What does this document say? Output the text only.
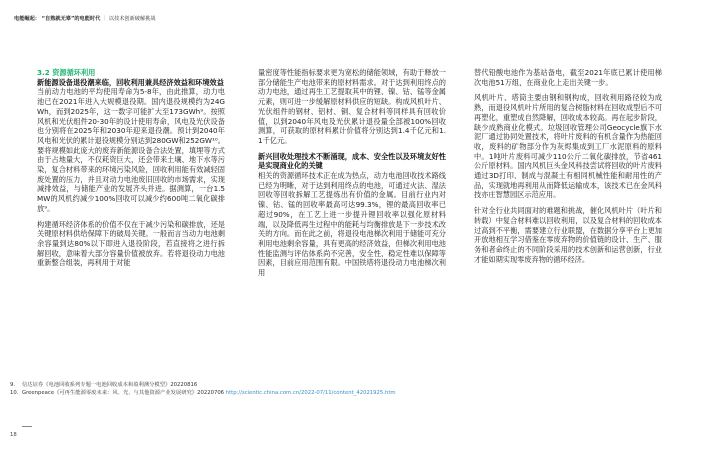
电能崛起： “自熟就无辜”的电能时代 ｜ 以技术创新破解挑战
3.2 资源循环利用
新能源设备退役潮来临，回收利用兼具经济效益和环境效益

当前动力电池的平均使用寿命为5-8年，由此推算，动力电池已在2021年进入大规模退役期。国内退役规模约为24GWh，而到2025年，这一数字可能扩大至173GWh⁹。按照风机和光伏组件20-30年的设计使用寿命，风电及光伏设备也分别将在2025年和2030年迎来退役潮。预计到2040年风电和光伏的累计退役规模分别达到280GW和252GW¹⁰。要将规模如此庞大的废弃新能源设备合法处置，填埋等方式由于占地量大，不仅耗资巨大，还会带来土壤、地下水等污染，复合材料带来的环境污染风险，回收利用能有效减轻固废处置的压力，并且对动力电池废旧回收的市场需求，实现减排效益，与储能产业的发展齐头并进。据测算，一台1.5MW的风机约减少100%回收可以减少约600吨二氧化碳排放⁹。

构建循环经济体系的价值不仅在于减少污染和碳排放，还是关键原材料供给保障下的破局关键。一般而言当动力电池剩余容量到达80%以下即进入退役阶段，若直接将之进行拆解回收，意味着大部分容量价值被放弃。若将退役动力电池重新整合组装，再利用于对能

量密度等性能指标要求更为宽松的储能领域，有助于释放一部分储能生产电池带来的原材料需求。对于达到利用终点的动力电池，通过再生工艺提取其中的锂、镍、钴、锰等金属元素，则可进一步缓解原材料供应的短缺。构成风机叶片、光伏组件的钢材、铝材、铜、复合材料等同样具有回收价值，以到2040年风电及光伏累计退役量全部被100%回收测算，可获取的原材料累计价值将分别达到1.4千亿元和1.1千亿元。

新兴回收处理技术不断涌现，成本、安全性以及环境友好性是实现商业化的关键

相关的资源循环技术正在成为热点，动力电池回收技术路线已经为明晰，对于达到利用终点的电池，可通过火法、湿法回收等回收拆解工艺提炼出有价值的金属。目前行业内对镍、钴、锰的回收率最高可达99.3%，锂的最高回收率已超过90%，在工艺上进一步提升锂回收率以强化原材料端，以及降低再生过程中的能耗与均衡排放是下一步技术改关的方向。而在此之前，将退役电池梯次利用于储能可充分利用电池剩余容量，具有更高的经济效益，但梯次利用电池性能监测与评估体系尚不完善，安全性、稳定性难以保障等因素，目前应用范围有限。中国铁塔将退役动力电池梯次利用

替代铅酸电池作为基站备电，截至2021年底已累计使用梯次电池51万组，在商业化上走出关键一步。

风机叶片、塔筒主要由钢和钢构成，回收利用路径较为成熟，而退役风机叶片所用的复合树脂材料在回收成型后不可再塑化，重塑成自然降解，回收成本较高。再在起步阶段，缺少成熟商业化模式。垃圾回收管理公司Geocycle旗下水泥厂通过协同处置技术，将叶片废料的有机含量作为热能回收，废料的矿物部分作为灰烬集成到工厂水泥原料的原料中。1吨叶片废料可减少110公斤二氧化碳排放，节省461公斤原材料。国内风机巨头金风科技尝试将回收的叶片废料通过3D打印、制成与混凝土有相同机械性能和耐用性的产品，实现就地再利用从而降低运输成本，该技术已在金风科技亦庄智慧园区示范应用。

针对全行业共同面对的难题和挑战，催化风机叶片（叶片和转载）中复合材料难以回收利用，以及复合材料的回收成本过高到不平衡，需要建立行业联盟，在数据分享平台上更加开放地相互学习借鉴在零废弃物的价值链的设计、生产、服务和者命终止的不同阶段采用的技术创新和运营创新，行业才能如期实现零废弃物的循环经济。

9. 信达证券《电池回收系列专题一电池回收成本和盈利测分模型》20220816
10. Greenpeace《可再生能源零废未来：风、光、与其他资源产业发展研究》20220706 http://scientic.china.com.cn/2022-07/11/content_42021925.htm
18
